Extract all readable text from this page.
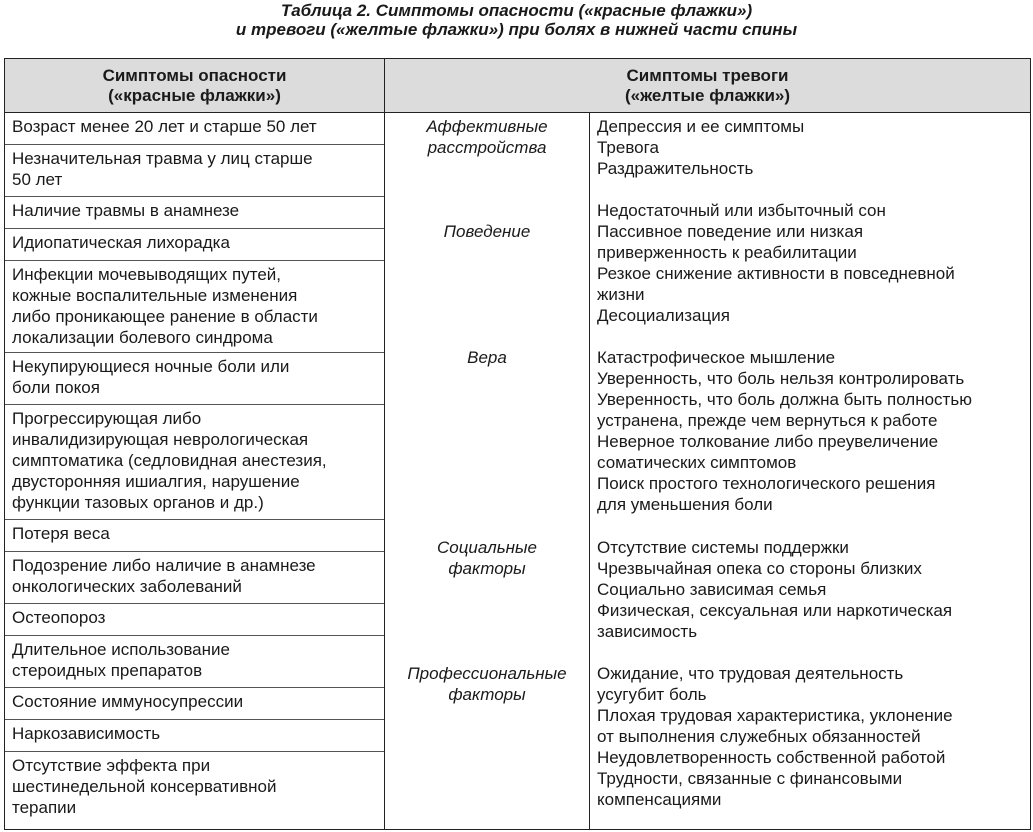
Таблица 2. Симптомы опасности («красные флажки»)
и тревоги («желтые флажки») при болях в нижней части спины
Симптомы опасности
(«красные флажки»)
Симптомы тревоги
(«желтые флажки»)
Возраст менее 20 лет и старше 50 лет
Незначительная травма у лиц старше
50 лет
Наличие травмы в анамнезе
Идиопатическая лихорадка
Инфекции мочевыводящих путей,
кожные воспалительные изменения
либо проникающее ранение в области
локализации болевого синдрома
Некупирующиеся ночные боли или
боли покоя
Прогрессирующая либо
инвалидизирующая неврологическая
симптоматика (седловидная анестезия,
двусторонняя ишиалгия, нарушение
функции тазовых органов и др.)
Потеря веса
Подозрение либо наличие в анамнезе
онкологических заболеваний
Остеопороз
Длительное использование
стероидных препаратов
Состояние иммуносупрессии
Наркозависимость
Отсутствие эффекта при
шестинедельной консервативной
терапии
Аффективные
расстройства
Поведение
Вера
Социальные
факторы
Профессиональные
факторы
Депрессия и ее симптомы
Тревога
Раздражительность
Недостаточный или избыточный сон
Пассивное поведение или низкая
приверженность к реабилитации
Резкое снижение активности в повседневной
жизни
Десоциализация
Катастрофическое мышление
Уверенность, что боль нельзя контролировать
Уверенность, что боль должна быть полностью
устранена, прежде чем вернуться к работе
Неверное толкование либо преувеличение
соматических симптомов
Поиск простого технологического решения
для уменьшения боли
Отсутствие системы поддержки
Чрезвычайная опека со стороны близких
Социально зависимая семья
Физическая, сексуальная или наркотическая
зависимость
Ожидание, что трудовая деятельность
усугубит боль
Плохая трудовая характеристика, уклонение
от выполнения служебных обязанностей
Неудовлетворенность собственной работой
Трудности, связанные с финансовыми
компенсациями
